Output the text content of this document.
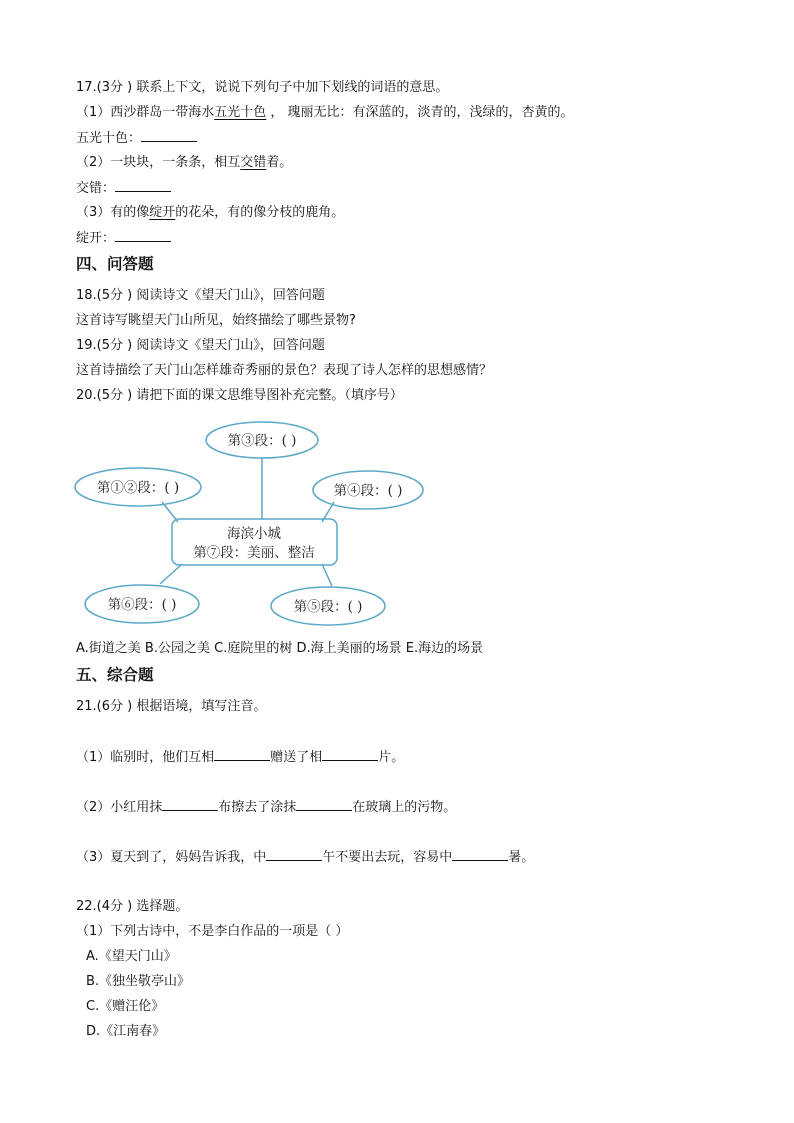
17.(3分 ) 联系上下文，说说下列句子中加下划线的词语的意思。
（1）西沙群岛一带海水五光十色 ， 瑰丽无比：有深蓝的，淡青的，浅绿的，杏黄的。
五光十色：
（2）一块块，一条条，相互交错着。
交错：
（3）有的像绽开的花朵，有的像分枝的鹿角。
绽开：
四、问答题
18.(5分 ) 阅读诗文《望天门山》，回答问题
这首诗写眺望天门山所见，始终描绘了哪些景物?
19.(5分 ) 阅读诗文《望天门山》，回答问题
这首诗描绘了天门山怎样雄奇秀丽的景色？表现了诗人怎样的思想感情？
20.(5分 ) 请把下面的课文思维导图补充完整。（填序号）
第③段：( )
第①②段：( )	第④段：( )
第⑥段：( )	第⑤段：( )
海滨小城
第⑦段：美丽、整洁
A.街道之美 B.公园之美 C.庭院里的树 D.海上美丽的场景 E.海边的场景
五、综合题
21.(6分 ) 根据语境，填写注音。
（1）临别时，他们互相	赠送了相	片。
（2）小红用抹	布擦去了涂抹	在玻璃上的污物。
（3）夏天到了，妈妈告诉我，中	午不要出去玩，容易中	暑。
22.(4分 ) 选择题。
（1）下列古诗中，不是李白作品的一项是（ ）
A.《望天门山》
B.《独坐敬亭山》
C.《赠汪伦》
D.《江南春》
